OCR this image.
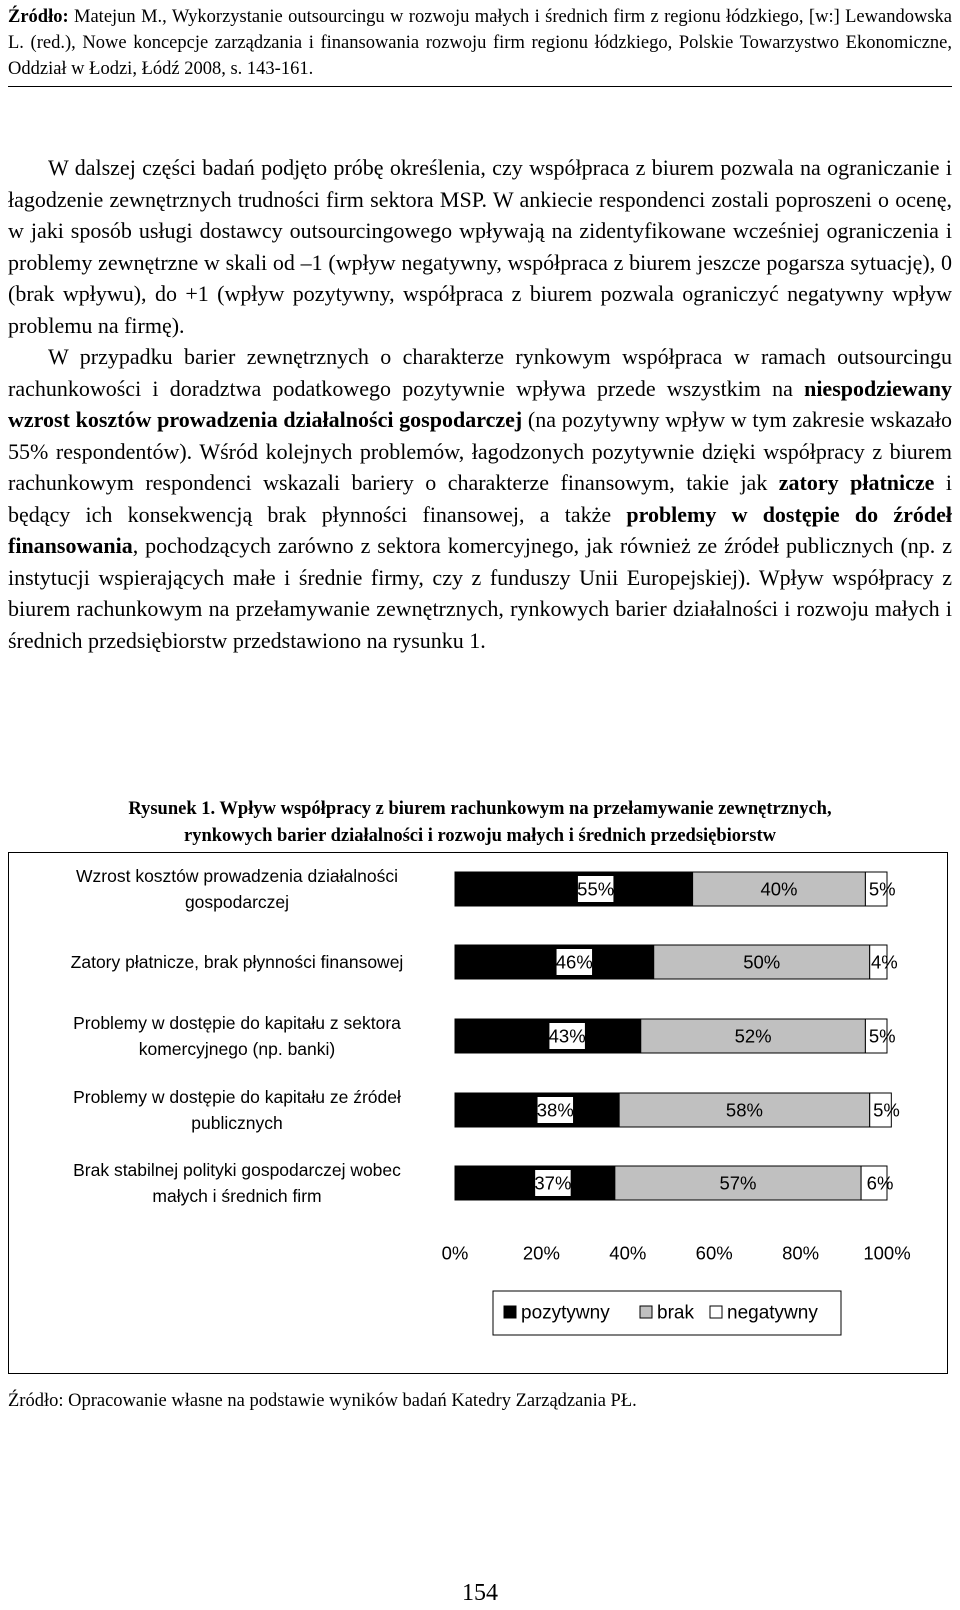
Źródło: Matejun M., Wykorzystanie outsourcingu w rozwoju małych i średnich firm z regionu łódzkiego, [w:] Lewandowska L. (red.), Nowe koncepcje zarządzania i finansowania rozwoju firm regionu łódzkiego, Polskie Towarzystwo Ekonomiczne, Oddział w Łodzi, Łódź 2008, s. 143-161.

W dalszej części badań podjęto próbę określenia, czy współpraca z biurem pozwala na ograniczanie i łagodzenie zewnętrznych trudności firm sektora MSP. W ankiecie respondenci zostali poproszeni o ocenę, w jaki sposób usługi dostawcy outsourcingowego wpływają na zidentyfikowane wcześniej ograniczenia i problemy zewnętrzne w skali od –1 (wpływ negatywny, współpraca z biurem jeszcze pogarsza sytuację), 0 (brak wpływu), do +1 (wpływ pozytywny, współpraca z biurem pozwala ograniczyć negatywny wpływ problemu na firmę).

W przypadku barier zewnętrznych o charakterze rynkowym współpraca w ramach outsourcingu rachunkowości i doradztwa podatkowego pozytywnie wpływa przede wszystkim na niespodziewany wzrost kosztów prowadzenia działalności gospodarczej (na pozytywny wpływ w tym zakresie wskazało 55% respondentów). Wśród kolejnych problemów, łagodzonych pozytywnie dzięki współpracy z biurem rachunkowym respondenci wskazali bariery o charakterze finansowym, takie jak zatory płatnicze i będący ich konsekwencją brak płynności finansowej, a także problemy w dostępie do źródeł finansowania, pochodzących zarówno z sektora komercyjnego, jak również ze źródeł publicznych (np. z instytucji wspierających małe i średnie firmy, czy z funduszy Unii Europejskiej). Wpływ współpracy z biurem rachunkowym na przełamywanie zewnętrznych, rynkowych barier działalności i rozwoju małych i średnich przedsiębiorstw przedstawiono na rysunku 1.

Rysunek 1. Wpływ współpracy z biurem rachunkowym na przełamywanie zewnętrznych,
rynkowych barier działalności i rozwoju małych i średnich przedsiębiorstw
Wzrost kosztów prowadzenia działalności
gospodarczej
55%	40%	5%
Zatory płatnicze, brak płynności finansowej	46%	50%	4%
Problemy w dostępie do kapitału z sektora
komercyjnego (np. banki)
43%	52%	5%
Problemy w dostępie do kapitału ze źródeł
publicznych
38%	58%	5%
Brak stabilnej polityki gospodarczej wobec
małych i średnich firm
37%	57%	6%
0%	20%	40%	60%	80% 100%
pozytywny brak negatywny
Źródło: Opracowanie własne na podstawie wyników badań Katedry Zarządzania PŁ.
154
